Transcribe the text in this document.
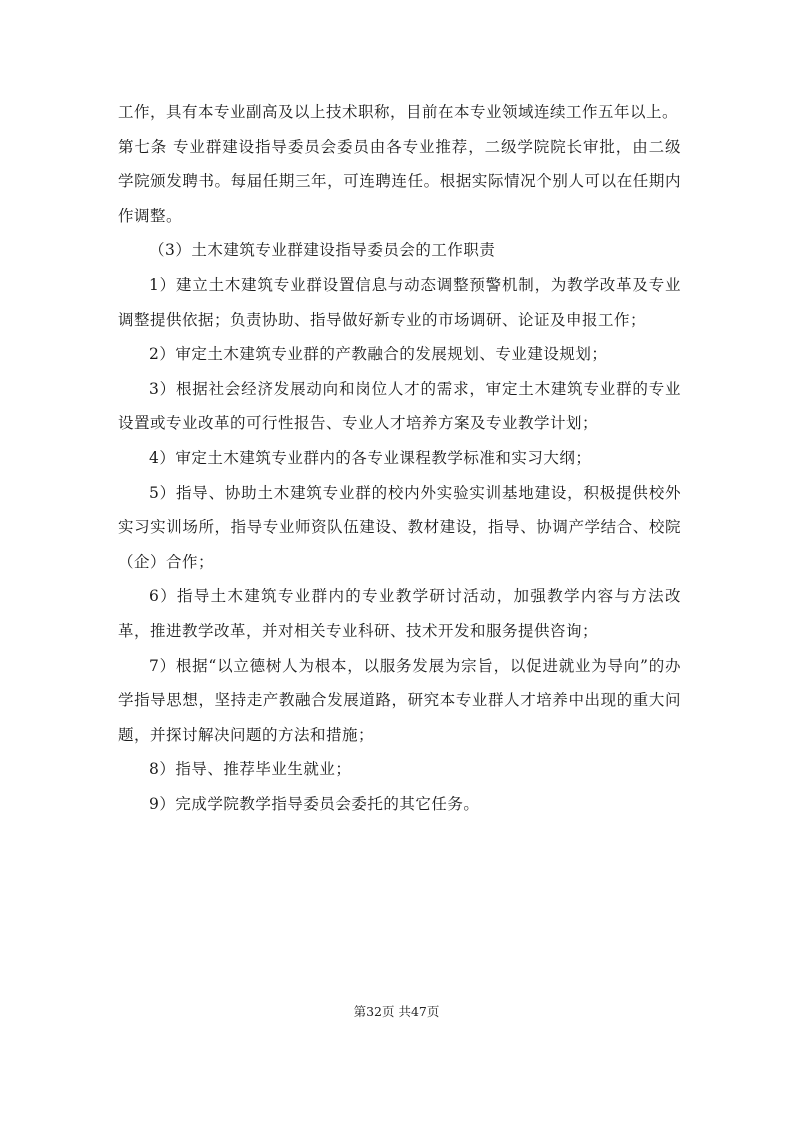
工作，具有本专业副高及以上技术职称，目前在本专业领域连续工作五年以上。

第七条 专业群建设指导委员会委员由各专业推荐，二级学院院长审批，由二级学院颁发聘书。每届任期三年，可连聘连任。根据实际情况个别人可以在任期内作调整。

（3）土木建筑专业群建设指导委员会的工作职责

1）建立土木建筑专业群设置信息与动态调整预警机制，为教学改革及专业调整提供依据；负责协助、指导做好新专业的市场调研、论证及申报工作；

2）审定土木建筑专业群的产教融合的发展规划、专业建设规划；

3）根据社会经济发展动向和岗位人才的需求，审定土木建筑专业群的专业设置或专业改革的可行性报告、专业人才培养方案及专业教学计划；

4）审定土木建筑专业群内的各专业课程教学标准和实习大纲；

5）指导、协助土木建筑专业群的校内外实验实训基地建设，积极提供校外实习实训场所，指导专业师资队伍建设、教材建设，指导、协调产学结合、校院（企）合作；

6）指导土木建筑专业群内的专业教学研讨活动，加强教学内容与方法改革，推进教学改革，并对相关专业科研、技术开发和服务提供咨询；

7）根据“以立德树人为根本，以服务发展为宗旨，以促进就业为导向”的办学指导思想，坚持走产教融合发展道路，研究本专业群人才培养中出现的重大问题，并探讨解决问题的方法和措施；

8）指导、推荐毕业生就业；

9）完成学院教学指导委员会委托的其它任务。

第32页 共47页
